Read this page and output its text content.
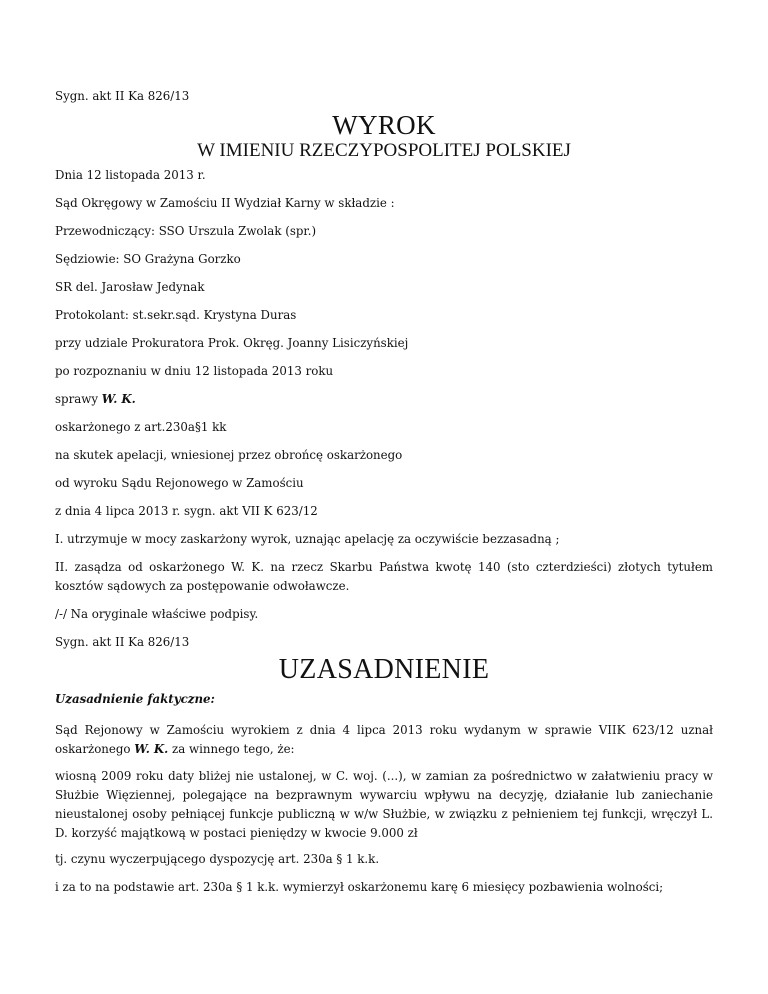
Sygn. akt II Ka 826/13

WYROK
W IMIENIU RZECZYPOSPOLITEJ POLSKIEJ

Dnia 12 listopada 2013 r.

Sąd Okręgowy w Zamościu II Wydział Karny w składzie :

Przewodniczący: SSO Urszula Zwolak (spr.)

Sędziowie: SO Grażyna Gorzko

SR del. Jarosław Jedynak

Protokolant: st.sekr.sąd. Krystyna Duras

przy udziale Prokuratora Prok. Okręg. Joanny Lisiczyńskiej

po rozpoznaniu w dniu 12 listopada 2013 roku

sprawy W. K.

oskarżonego z art.230a§1 kk

na skutek apelacji, wniesionej przez obrońcę oskarżonego

od wyroku Sądu Rejonowego w Zamościu

z dnia 4 lipca 2013 r. sygn. akt VII K 623/12

I. utrzymuje w mocy zaskarżony wyrok, uznając apelację za oczywiście bezzasadną ;

II. zasądza od oskarżonego W. K. na rzecz Skarbu Państwa kwotę 140 (sto czterdzieści) złotych tytułem kosztów sądowych za postępowanie odwoławcze.

/-/ Na oryginale właściwe podpisy.

Sygn. akt II Ka 826/13

UZASADNIENIE

Uzasadnienie faktyczne:

Sąd Rejonowy w Zamościu wyrokiem z dnia 4 lipca 2013 roku wydanym w sprawie VIIK 623/12 uznał oskarżonego W. K. za winnego tego, że:

wiosną 2009 roku daty bliżej nie ustalonej, w C. woj. (...), w zamian za pośrednictwo w załatwieniu pracy w Służbie Więziennej, polegające na bezprawnym wywarciu wpływu na decyzję, działanie lub zaniechanie nieustalonej osoby pełniącej funkcje publiczną w w/w Służbie, w związku z pełnieniem tej funkcji, wręczył L. D. korzyść majątkową w postaci pieniędzy w kwocie 9.000 zł

tj. czynu wyczerpującego dyspozycję art. 230a § 1 k.k.

i za to na podstawie art. 230a § 1 k.k. wymierzył oskarżonemu karę 6 miesięcy pozbawienia wolności;
